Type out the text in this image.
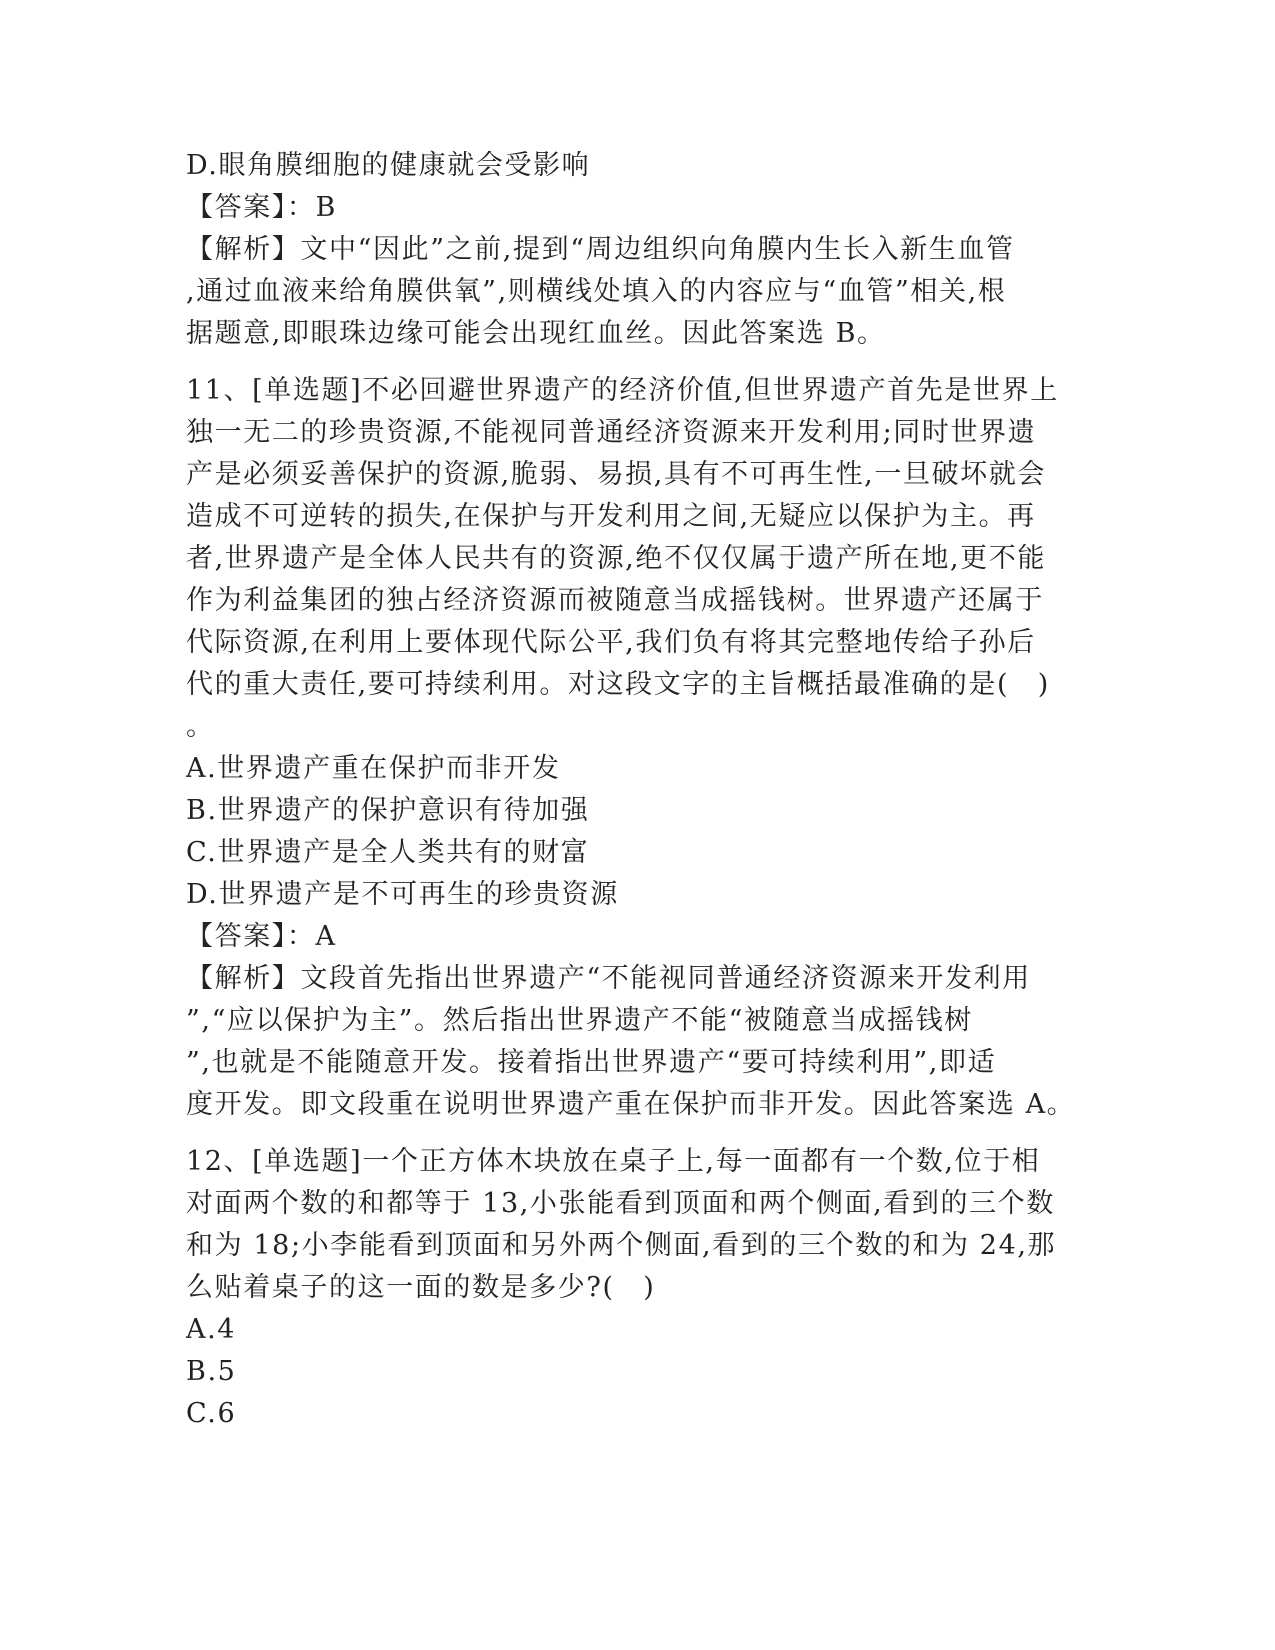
D.眼角膜细胞的健康就会受影响
【答案】：B
【解析】文中“因此”之前,提到“周边组织向角膜内生长入新生血管
,通过血液来给角膜供氧”,则横线处填入的内容应与“血管”相关,根
据题意,即眼珠边缘可能会出现红血丝。因此答案选 B。
11、[单选题]不必回避世界遗产的经济价值,但世界遗产首先是世界上
独一无二的珍贵资源,不能视同普通经济资源来开发利用;同时世界遗
产是必须妥善保护的资源,脆弱、易损,具有不可再生性,一旦破坏就会
造成不可逆转的损失,在保护与开发利用之间,无疑应以保护为主。再
者,世界遗产是全体人民共有的资源,绝不仅仅属于遗产所在地,更不能
作为利益集团的独占经济资源而被随意当成摇钱树。世界遗产还属于
代际资源,在利用上要体现代际公平,我们负有将其完整地传给子孙后
代的重大责任,要可持续利用。对这段文字的主旨概括最准确的是(　)
。
A.世界遗产重在保护而非开发
B.世界遗产的保护意识有待加强
C.世界遗产是全人类共有的财富
D.世界遗产是不可再生的珍贵资源
【答案】：A
【解析】文段首先指出世界遗产“不能视同普通经济资源来开发利用
”,“应以保护为主”。然后指出世界遗产不能“被随意当成摇钱树
”,也就是不能随意开发。接着指出世界遗产“要可持续利用”,即适
度开发。即文段重在说明世界遗产重在保护而非开发。因此答案选 A。
12、[单选题]一个正方体木块放在桌子上,每一面都有一个数,位于相
对面两个数的和都等于 13,小张能看到顶面和两个侧面,看到的三个数
和为 18;小李能看到顶面和另外两个侧面,看到的三个数的和为 24,那
么贴着桌子的这一面的数是多少?(　)
A.4
B.5
C.6
